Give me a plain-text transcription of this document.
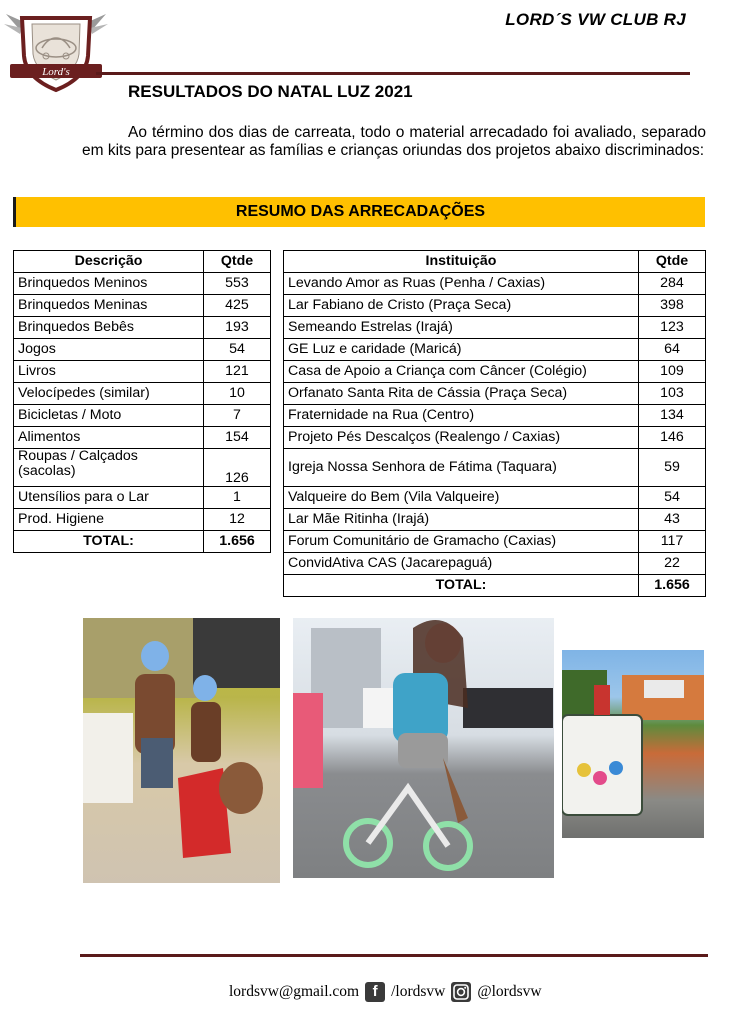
Lord's
LORD´S VW CLUB RJ
RESULTADOS DO NATAL LUZ 2021

Ao término dos dias de carreata, todo o material arrecadado foi avaliado, separado em kits para presentear as famílias e crianças oriundas dos projetos abaixo discriminados:

RESUMO DAS ARRECADAÇÕES
Descrição	Qtde
Brinquedos Meninos	553
Brinquedos Meninas	425
Brinquedos Bebês	193
Jogos	54
Livros	121
Velocípedes (similar)	10
Bicicletas / Moto	7
Alimentos	154
Roupas / Calçados (sacolas)	126
Utensílios para o Lar	1
Prod. Higiene	12
TOTAL:	1.656
Instituição	Qtde
Levando Amor as Ruas (Penha / Caxias)	284
Lar Fabiano de Cristo (Praça Seca)	398
Semeando Estrelas (Irajá)	123
GE Luz e caridade (Maricá)	64
Casa de Apoio a Criança com Câncer (Colégio)	109
Orfanato Santa Rita de Cássia (Praça Seca)	103
Fraternidade na Rua (Centro)	134
Projeto Pés Descalços (Realengo / Caxias)	146
Igreja Nossa Senhora de Fátima (Taquara)	59
Valqueire do Bem (Vila Valqueire)	54
Lar Mãe Ritinha (Irajá)	43
Forum Comunitário de Gramacho (Caxias)	117
ConvidAtiva CAS (Jacarepaguá)	22
TOTAL:	1.656
lordsvw@gmail.com f /lordsvw @lordsvw
